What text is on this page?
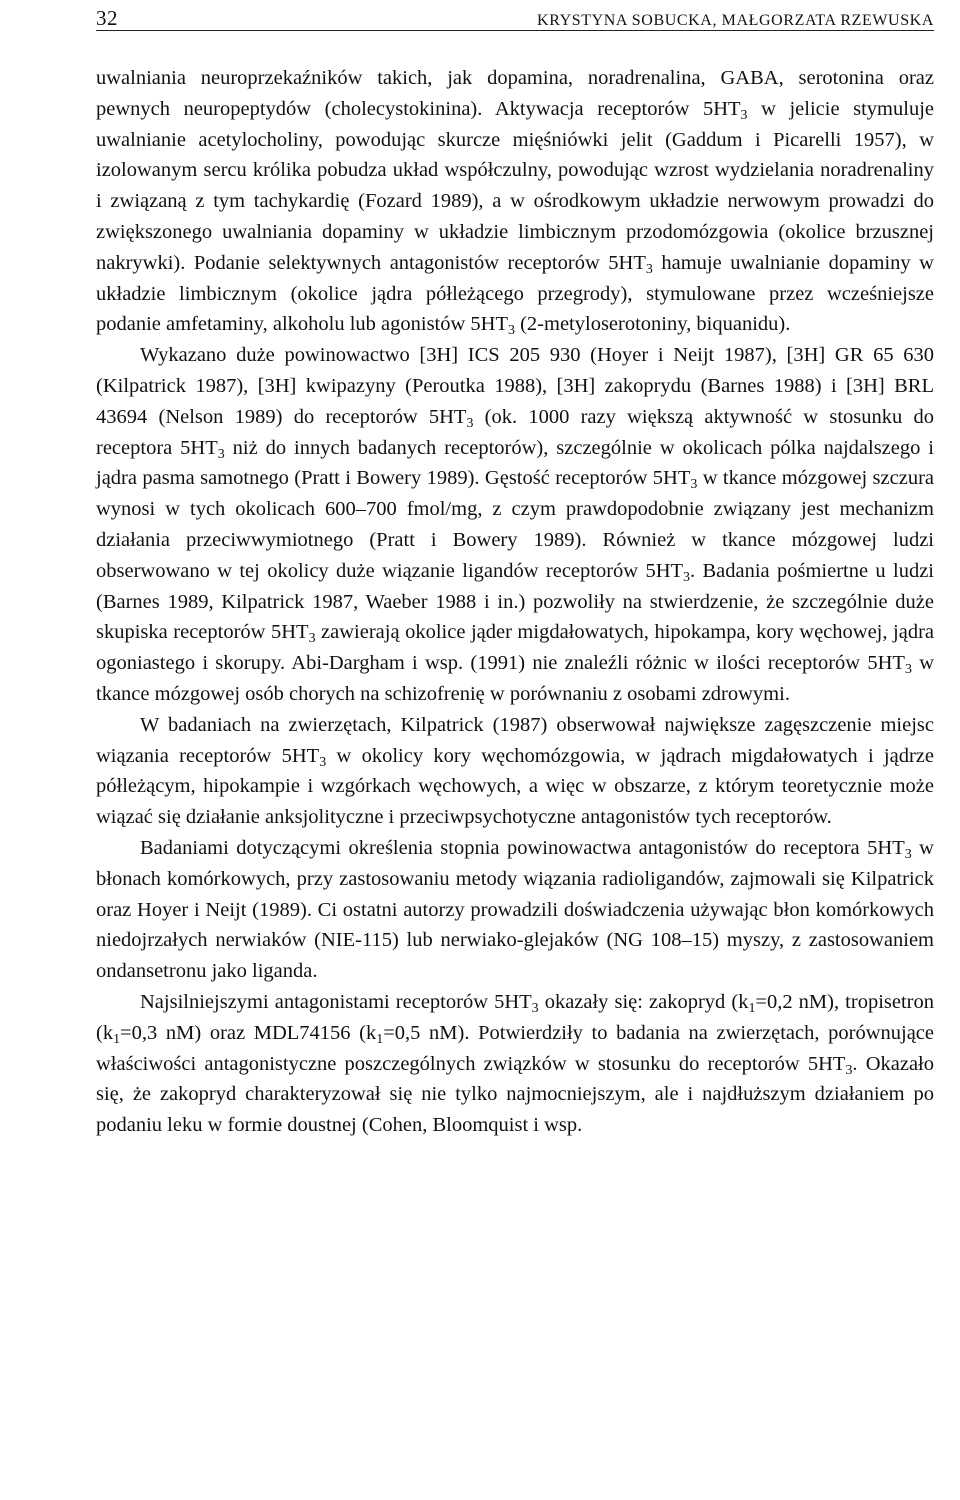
32	KRYSTYNA SOBUCKA, MAŁGORZATA RZEWUSKA

uwalniania neuroprzekaźników takich, jak dopamina, noradrenalina, GABA, serotonina oraz pewnych neuropeptydów (cholecystokinina). Aktywacja receptorów $5HT_3$ w jelicie stymuluje uwalnianie acetylocholiny, powodując skurcze mięśniówki jelit (Gaddum i Picarelli 1957), w izolowanym sercu królika pobudza układ współczulny, powodując wzrost wydzielania noradrenaliny i związaną z tym tachykardię (Fozard 1989), a w ośrodkowym układzie nerwowym prowadzi do zwiększonego uwalniania dopaminy w układzie limbicznym przodomózgowia (okolice brzusznej nakrywki). Podanie selektywnych antagonistów receptorów $5HT_3$ hamuje uwalnianie dopaminy w układzie limbicznym (okolice jądra półleżącego przegrody), stymulowane przez wcześniejsze podanie amfetaminy, alkoholu lub agonistów $5HT_3$ (2-metyloserotoniny, biquanidu).

Wykazano duże powinowactwo [3H] ICS 205 930 (Hoyer i Neijt 1987), [3H] GR 65 630 (Kilpatrick 1987), [3H] kwipazyny (Peroutka 1988), [3H] zakoprydu (Barnes 1988) i [3H] BRL 43694 (Nelson 1989) do receptorów $5HT_3$ (ok. 1000 razy większą aktywność w stosunku do receptora $5HT_3$ niż do innych badanych receptorów), szczególnie w okolicach pólka najdalszego i jądra pasma samotnego (Pratt i Bowery 1989). Gęstość receptorów $5HT_3$ w tkance mózgowej szczura wynosi w tych okolicach 600–700 fmol/mg, z czym prawdopodobnie związany jest mechanizm działania przeciwwymiotnego (Pratt i Bowery 1989). Również w tkance mózgowej ludzi obserwowano w tej okolicy duże wiązanie ligandów receptorów $5HT_3$. Badania pośmiertne u ludzi (Barnes 1989, Kilpatrick 1987, Waeber 1988 i in.) pozwoliły na stwierdzenie, że szczególnie duże skupiska receptorów $5HT_3$ zawierają okolice jąder migdałowatych, hipokampa, kory węchowej, jądra ogoniastego i skorupy. Abi-Dargham i wsp. (1991) nie znaleźli różnic w ilości receptorów $5HT_3$ w tkance mózgowej osób chorych na schizofrenię w porównaniu z osobami zdrowymi.

W badaniach na zwierzętach, Kilpatrick (1987) obserwował największe zagęszczenie miejsc wiązania receptorów $5HT_3$ w okolicy kory węchomózgowia, w jądrach migdałowatych i jądrze półleżącym, hipokampie i wzgórkach węchowych, a więc w obszarze, z którym teoretycznie może wiązać się działanie anksjolityczne i przeciwpsychotyczne antagonistów tych receptorów.

Badaniami dotyczącymi określenia stopnia powinowactwa antagonistów do receptora $5HT_3$ w błonach komórkowych, przy zastosowaniu metody wiązania radioligandów, zajmowali się Kilpatrick oraz Hoyer i Neijt (1989). Ci ostatni autorzy prowadzili doświadczenia używając błon komórkowych niedojrzałych nerwiaków (NIE-115) lub nerwiako-glejaków (NG 108–15) myszy, z zastosowaniem ondansetronu jako liganda.

Najsilniejszymi antagonistami receptorów $5HT_3$ okazały się: zakopryd ($k_1=0,2$ nM), tropisetron ($k_1=0,3$ nM) oraz MDL74156 ($k_1=0,5$ nM). Potwierdziły to badania na zwierzętach, porównujące właściwości antagonistyczne poszczególnych związków w stosunku do receptorów $5HT_3$. Okazało się, że zakopryd charakteryzował się nie tylko najmocniejszym, ale i najdłuższym działaniem po podaniu leku w formie doustnej (Cohen, Bloomquist i wsp.
